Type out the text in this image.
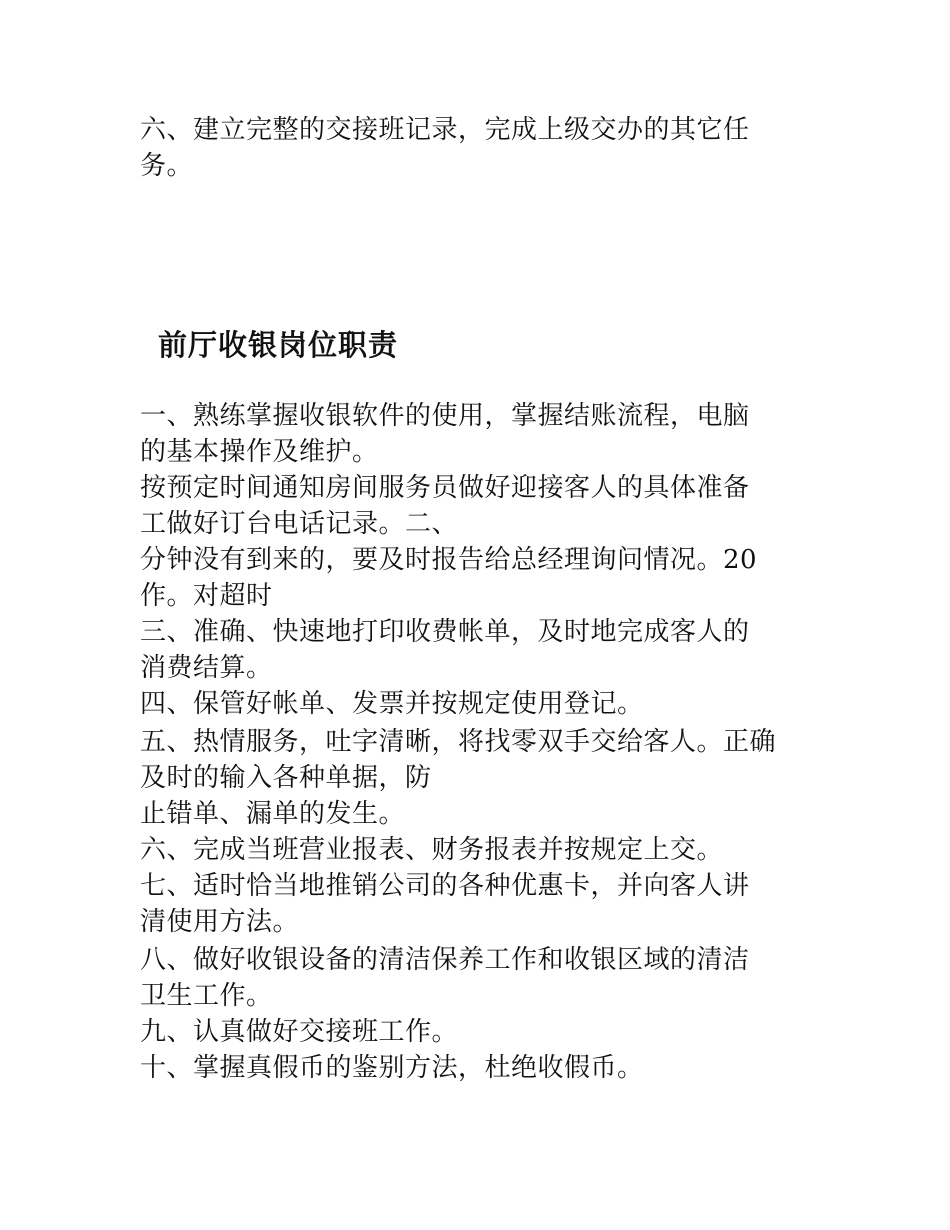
六、建立完整的交接班记录，完成上级交办的其它任
务。
前厅收银岗位职责
一、熟练掌握收银软件的使用，掌握结账流程，电脑
的基本操作及维护。
按预定时间通知房间服务员做好迎接客人的具体准备
工做好订台电话记录。二、
分钟没有到来的，要及时报告给总经理询问情况。20
作。对超时
三、准确、快速地打印收费帐单，及时地完成客人的
消费结算。
四、保管好帐单、发票并按规定使用登记。
五、热情服务，吐字清晰，将找零双手交给客人。正确
及时的输入各种单据，防
止错单、漏单的发生。
六、完成当班营业报表、财务报表并按规定上交。
七、适时恰当地推销公司的各种优惠卡，并向客人讲
清使用方法。
八、做好收银设备的清洁保养工作和收银区域的清洁
卫生工作。
九、认真做好交接班工作。
十、掌握真假币的鉴别方法，杜绝收假币。
